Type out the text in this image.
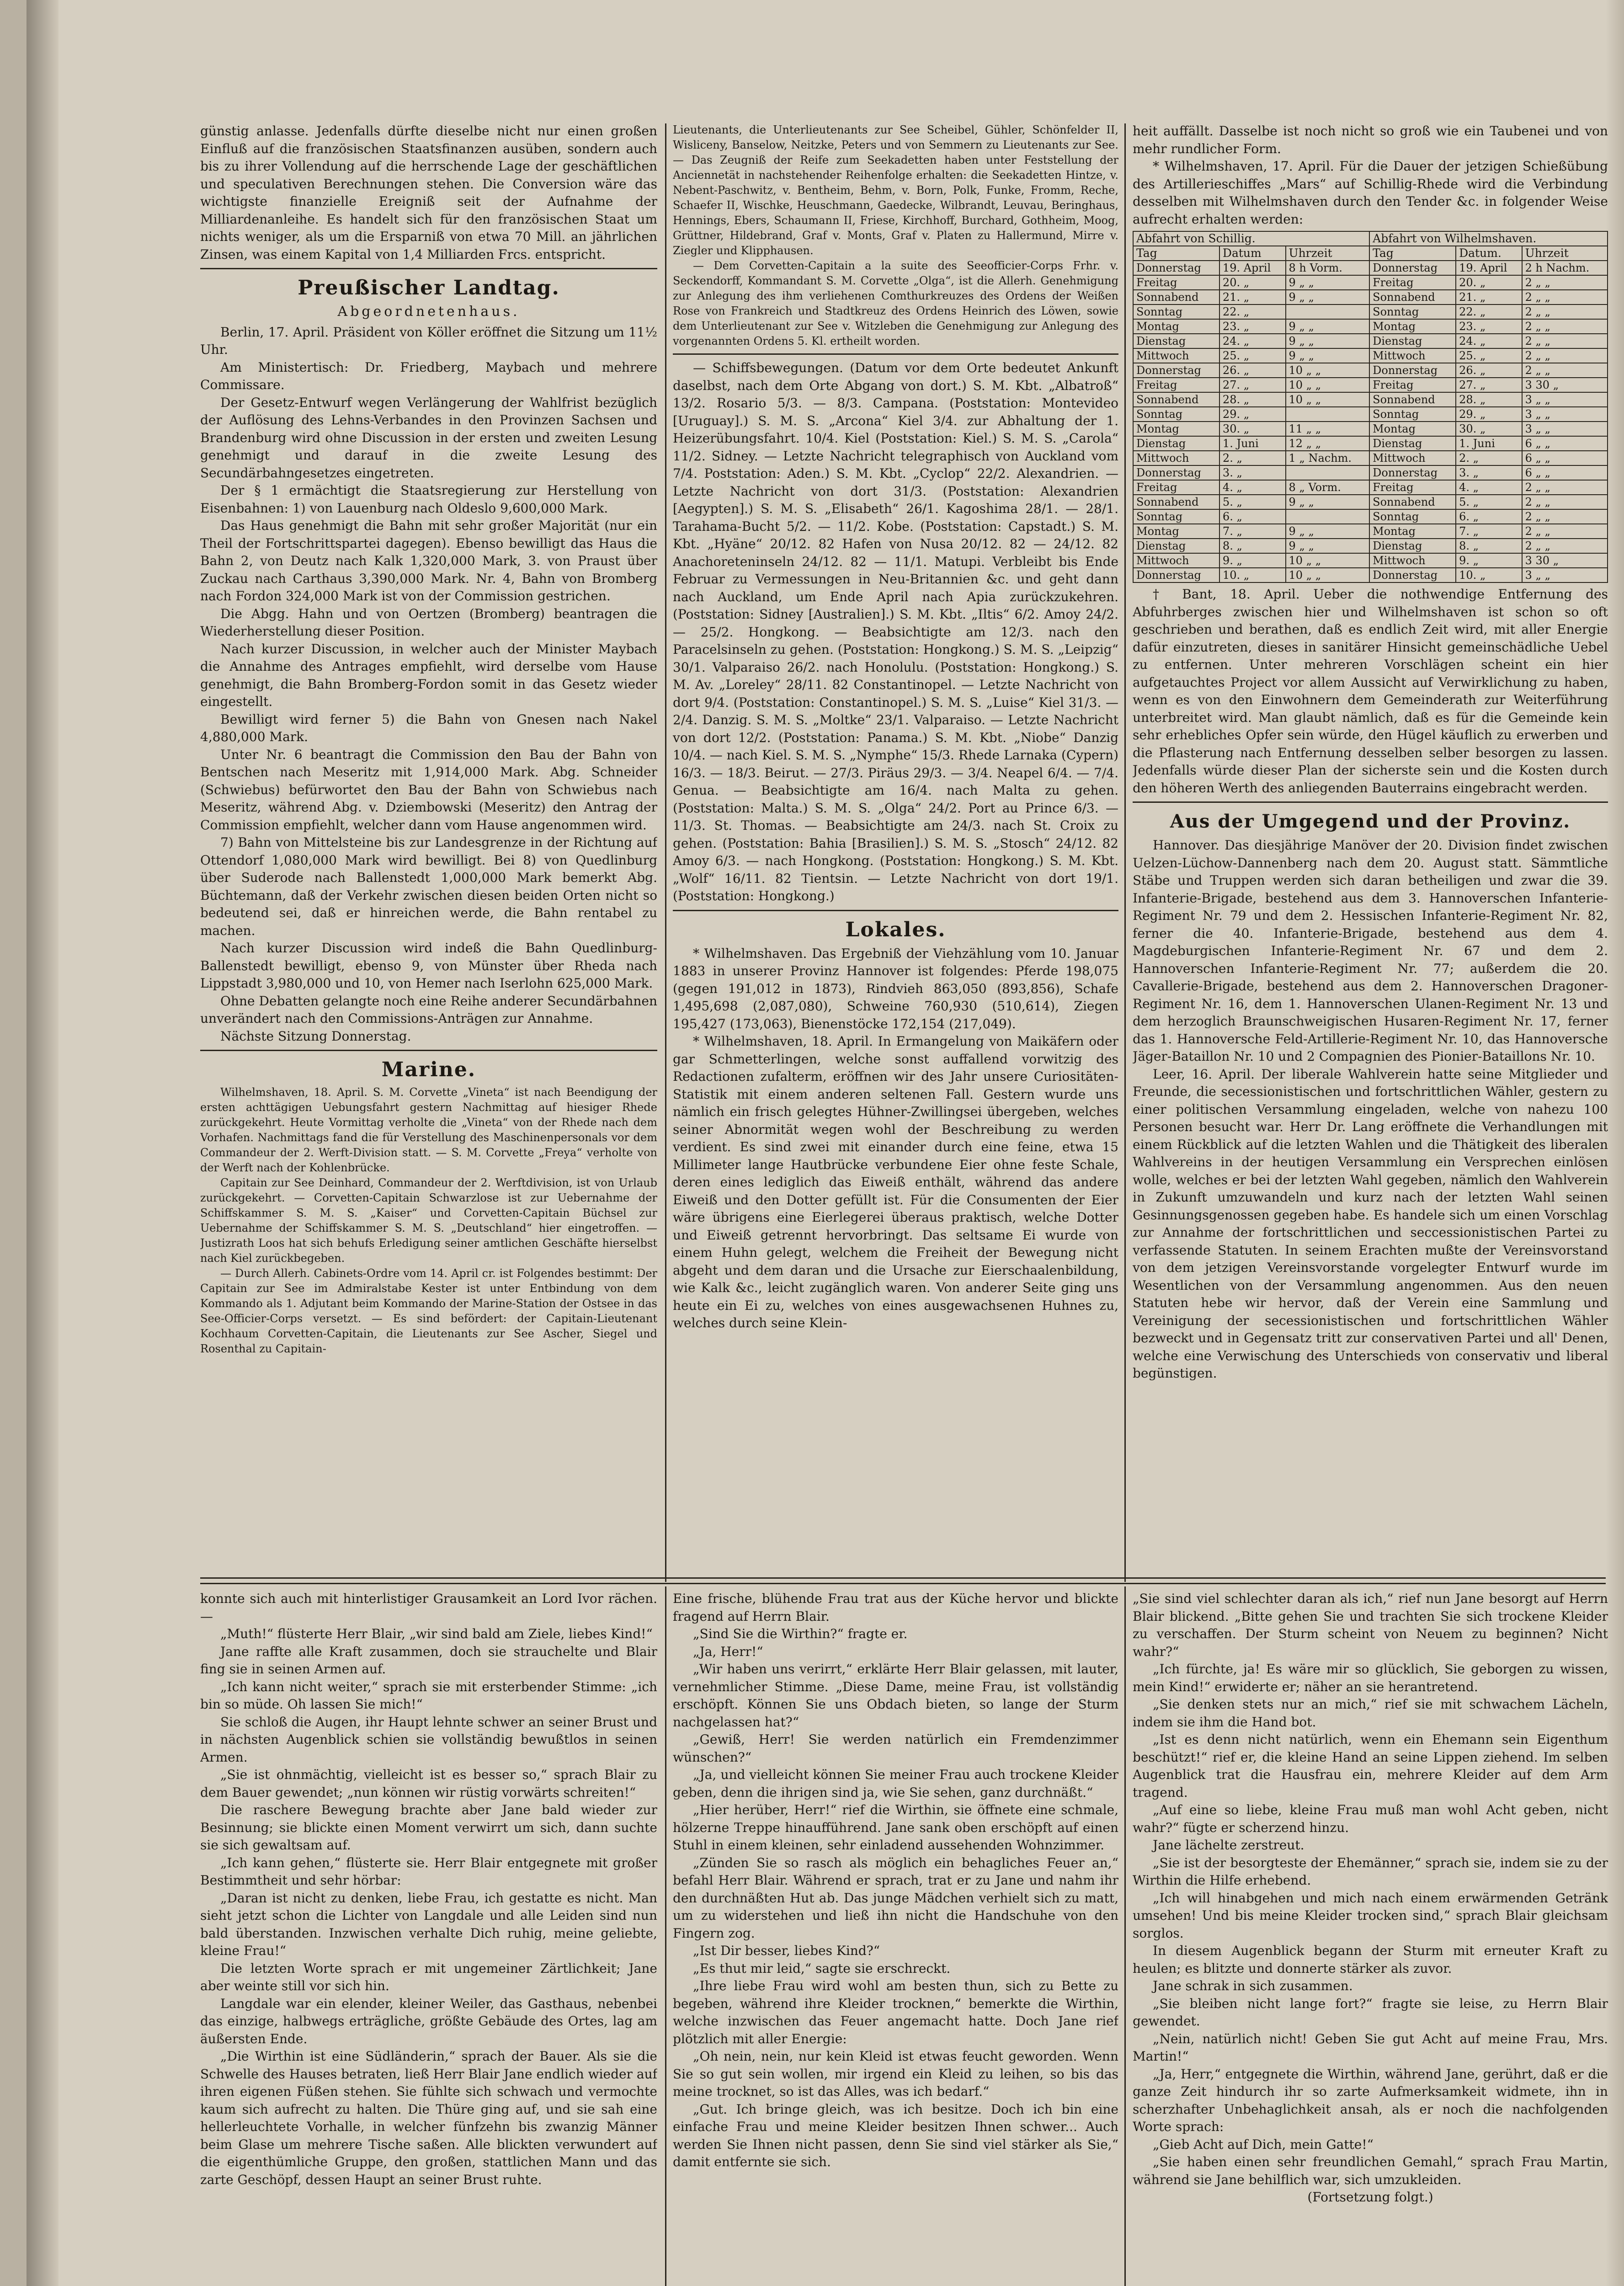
günstig anlasse. Jedenfalls dürfte dieselbe nicht nur einen großen Einfluß auf die französischen Staatsfinanzen ausüben, sondern auch bis zu ihrer Vollendung auf die herrschende Lage der geschäftlichen und speculativen Berechnungen stehen. Die Conversion wäre das wichtigste finanzielle Ereigniß seit der Aufnahme der Milliardenanleihe. Es handelt sich für den französischen Staat um nichts weniger, als um die Ersparniß von etwa 70 Mill. an jährlichen Zinsen, was einem Kapital von 1,4 Milliarden Frcs. entspricht.

Preußischer Landtag.
Abgeordnetenhaus.

Berlin, 17. April. Präsident von Köller eröffnet die Sitzung um 11½ Uhr.

Am Ministertisch: Dr. Friedberg, Maybach und mehrere Commissare.

Der Gesetz-Entwurf wegen Verlängerung der Wahlfrist bezüglich der Auflösung des Lehns-Verbandes in den Provinzen Sachsen und Brandenburg wird ohne Discussion in der ersten und zweiten Lesung genehmigt und darauf in die zweite Lesung des Secundärbahngesetzes eingetreten.

Der § 1 ermächtigt die Staatsregierung zur Herstellung von Eisenbahnen: 1) von Lauenburg nach Oldeslo 9,600,000 Mark.

Das Haus genehmigt die Bahn mit sehr großer Majorität (nur ein Theil der Fortschrittspartei dagegen). Ebenso bewilligt das Haus die Bahn 2, von Deutz nach Kalk 1,320,000 Mark, 3. von Praust über Zuckau nach Carthaus 3,390,000 Mark. Nr. 4, Bahn von Bromberg nach Fordon 324,000 Mark ist von der Commission gestrichen.

Die Abgg. Hahn und von Oertzen (Bromberg) beantragen die Wiederherstellung dieser Position.

Nach kurzer Discussion, in welcher auch der Minister Maybach die Annahme des Antrages empfiehlt, wird derselbe vom Hause genehmigt, die Bahn Bromberg-Fordon somit in das Gesetz wieder eingestellt.

Bewilligt wird ferner 5) die Bahn von Gnesen nach Nakel 4,880,000 Mark.

Unter Nr. 6 beantragt die Commission den Bau der Bahn von Bentschen nach Meseritz mit 1,914,000 Mark. Abg. Schneider (Schwiebus) befürwortet den Bau der Bahn von Schwiebus nach Meseritz, während Abg. v. Dziembowski (Meseritz) den Antrag der Commission empfiehlt, welcher dann vom Hause angenommen wird.

7) Bahn von Mittelsteine bis zur Landesgrenze in der Richtung auf Ottendorf 1,080,000 Mark wird bewilligt. Bei 8) von Quedlinburg über Suderode nach Ballenstedt 1,000,000 Mark bemerkt Abg. Büchtemann, daß der Verkehr zwischen diesen beiden Orten nicht so bedeutend sei, daß er hinreichen werde, die Bahn rentabel zu machen.

Nach kurzer Discussion wird indeß die Bahn Quedlinburg-Ballenstedt bewilligt, ebenso 9, von Münster über Rheda nach Lippstadt 3,980,000 und 10, von Hemer nach Iserlohn 625,000 Mark.

Ohne Debatten gelangte noch eine Reihe anderer Secundärbahnen unverändert nach den Commissions-Anträgen zur Annahme.

Nächste Sitzung Donnerstag.

Marine.

Wilhelmshaven, 18. April. S. M. Corvette „Vineta“ ist nach Beendigung der ersten achttägigen Uebungsfahrt gestern Nachmittag auf hiesiger Rhede zurückgekehrt. Heute Vormittag verholte die „Vineta“ von der Rhede nach dem Vorhafen. Nachmittags fand die für Verstellung des Maschinenpersonals vor dem Commandeur der 2. Werft-Division statt. — S. M. Corvette „Freya“ verholte von der Werft nach der Kohlenbrücke.

Capitain zur See Deinhard, Commandeur der 2. Werftdivision, ist von Urlaub zurückgekehrt. — Corvetten-Capitain Schwarzlose ist zur Uebernahme der Schiffskammer S. M. S. „Kaiser“ und Corvetten-Capitain Büchsel zur Uebernahme der Schiffskammer S. M. S. „Deutschland“ hier eingetroffen. — Justizrath Loos hat sich behufs Erledigung seiner amtlichen Geschäfte hierselbst nach Kiel zurückbegeben.

— Durch Allerh. Cabinets-Ordre vom 14. April cr. ist Folgendes bestimmt: Der Capitain zur See im Admiralstabe Kester ist unter Entbindung von dem Kommando als 1. Adjutant beim Kommando der Marine-Station der Ostsee in das See-Officier-Corps versetzt. — Es sind befördert: der Capitain-Lieutenant Kochhaum Corvetten-Capitain, die Lieutenants zur See Ascher, Siegel und Rosenthal zu Capitain-

Lieutenants, die Unterlieutenants zur See Scheibel, Gühler, Schönfelder II, Wisliceny, Banselow, Neitzke, Peters und von Semmern zu Lieutenants zur See. — Das Zeugniß der Reife zum Seekadetten haben unter Feststellung der Anciennetät in nachstehender Reihenfolge erhalten: die Seekadetten Hintze, v. Nebent-Paschwitz, v. Bentheim, Behm, v. Born, Polk, Funke, Fromm, Reche, Schaefer II, Wischke, Heuschmann, Gaedecke, Wilbrandt, Leuvau, Beringhaus, Hennings, Ebers, Schaumann II, Friese, Kirchhoff, Burchard, Gothheim, Moog, Grüttner, Hildebrand, Graf v. Monts, Graf v. Platen zu Hallermund, Mirre v. Ziegler und Klipphausen.

— Dem Corvetten-Capitain a la suite des Seeofficier-Corps Frhr. v. Seckendorff, Kommandant S. M. Corvette „Olga“, ist die Allerh. Genehmigung zur Anlegung des ihm verliehenen Comthurkreuzes des Ordens der Weißen Rose von Frankreich und Stadtkreuz des Ordens Heinrich des Löwen, sowie dem Unterlieutenant zur See v. Witzleben die Genehmigung zur Anlegung des vorgenannten Ordens 5. Kl. ertheilt worden.

— Schiffsbewegungen. (Datum vor dem Orte bedeutet Ankunft daselbst, nach dem Orte Abgang von dort.) S. M. Kbt. „Albatroß“ 13/2. Rosario 5/3. — 8/3. Campana. (Poststation: Montevideo [Uruguay].) S. M. S. „Arcona“ Kiel 3/4. zur Abhaltung der 1. Heizerübungsfahrt. 10/4. Kiel (Poststation: Kiel.) S. M. S. „Carola“ 11/2. Sidney. — Letzte Nachricht telegraphisch von Auckland vom 7/4. Poststation: Aden.) S. M. Kbt. „Cyclop“ 22/2. Alexandrien. — Letzte Nachricht von dort 31/3. (Poststation: Alexandrien [Aegypten].) S. M. S. „Elisabeth“ 26/1. Kagoshima 28/1. — 28/1. Tarahama-Bucht 5/2. — 11/2. Kobe. (Poststation: Capstadt.) S. M. Kbt. „Hyäne“ 20/12. 82 Hafen von Nusa 20/12. 82 — 24/12. 82 Anachoreteninseln 24/12. 82 — 11/1. Matupi. Verbleibt bis Ende Februar zu Vermessungen in Neu-Britannien &c. und geht dann nach Auckland, um Ende April nach Apia zurückzukehren. (Poststation: Sidney [Australien].) S. M. Kbt. „Iltis“ 6/2. Amoy 24/2. — 25/2. Hongkong. — Beabsichtigte am 12/3. nach den Paracelsinseln zu gehen. (Poststation: Hongkong.) S. M. S. „Leipzig“ 30/1. Valparaiso 26/2. nach Honolulu. (Poststation: Hongkong.) S. M. Av. „Loreley“ 28/11. 82 Constantinopel. — Letzte Nachricht von dort 9/4. (Poststation: Constantinopel.) S. M. S. „Luise“ Kiel 31/3. — 2/4. Danzig. S. M. S. „Moltke“ 23/1. Valparaiso. — Letzte Nachricht von dort 12/2. (Poststation: Panama.) S. M. Kbt. „Niobe“ Danzig 10/4. — nach Kiel. S. M. S. „Nymphe“ 15/3. Rhede Larnaka (Cypern) 16/3. — 18/3. Beirut. — 27/3. Piräus 29/3. — 3/4. Neapel 6/4. — 7/4. Genua. — Beabsichtigte am 16/4. nach Malta zu gehen. (Poststation: Malta.) S. M. S. „Olga“ 24/2. Port au Prince 6/3. — 11/3. St. Thomas. — Beabsichtigte am 24/3. nach St. Croix zu gehen. (Poststation: Bahia [Brasilien].) S. M. S. „Stosch“ 24/12. 82 Amoy 6/3. — nach Hongkong. (Poststation: Hongkong.) S. M. Kbt. „Wolf“ 16/11. 82 Tientsin. — Letzte Nachricht von dort 19/1. (Poststation: Hongkong.)

Lokales.

* Wilhelmshaven. Das Ergebniß der Viehzählung vom 10. Januar 1883 in unserer Provinz Hannover ist folgendes: Pferde 198,075 (gegen 191,012 in 1873), Rindvieh 863,050 (893,856), Schafe 1,495,698 (2,087,080), Schweine 760,930 (510,614), Ziegen 195,427 (173,063), Bienenstöcke 172,154 (217,049).

* Wilhelmshaven, 18. April. In Ermangelung von Maikäfern oder gar Schmetterlingen, welche sonst auffallend vorwitzig des Redactionen zufalterm, eröffnen wir des Jahr unsere Curiositäten-Statistik mit einem anderen seltenen Fall. Gestern wurde uns nämlich ein frisch gelegtes Hühner-Zwillingsei übergeben, welches seiner Abnormität wegen wohl der Beschreibung zu werden verdient. Es sind zwei mit einander durch eine feine, etwa 15 Millimeter lange Hautbrücke verbundene Eier ohne feste Schale, deren eines lediglich das Eiweiß enthält, während das andere Eiweiß und den Dotter gefüllt ist. Für die Consumenten der Eier wäre übrigens eine Eierlegerei überaus praktisch, welche Dotter und Eiweiß getrennt hervorbringt. Das seltsame Ei wurde von einem Huhn gelegt, welchem die Freiheit der Bewegung nicht abgeht und dem daran und die Ursache zur Eierschaalenbildung, wie Kalk &c., leicht zugänglich waren. Von anderer Seite ging uns heute ein Ei zu, welches von eines ausgewachsenen Huhnes zu, welches durch seine Klein-

heit auffällt. Dasselbe ist noch nicht so groß wie ein Taubenei und von mehr rundlicher Form.

* Wilhelmshaven, 17. April. Für die Dauer der jetzigen Schießübung des Artillerieschiffes „Mars“ auf Schillig-Rhede wird die Verbindung desselben mit Wilhelmshaven durch den Tender &c. in folgender Weise aufrecht erhalten werden:

Abfahrt von Schillig.			Abfahrt von Wilhelmshaven.		
Tag	Datum	Uhrzeit	Tag	Datum.	Uhrzeit
Donnerstag	19. April	8 h Vorm.	Donnerstag	19. April	2 h Nachm.
Freitag	20. „	9 „ „	Freitag	20. „	2 „ „
Sonnabend	21. „	9 „ „	Sonnabend	21. „	2 „ „
Sonntag	22. „		Sonntag	22. „	2 „ „
Montag	23. „	9 „ „	Montag	23. „	2 „ „
Dienstag	24. „	9 „ „	Dienstag	24. „	2 „ „
Mittwoch	25. „	9 „ „	Mittwoch	25. „	2 „ „
Donnerstag	26. „	10 „ „	Donnerstag	26. „	2 „ „
Freitag	27. „	10 „ „	Freitag	27. „	3 30 „
Sonnabend	28. „	10 „ „	Sonnabend	28. „	3 „ „
Sonntag	29. „		Sonntag	29. „	3 „ „
Montag	30. „	11 „ „	Montag	30. „	3 „ „
Dienstag	1. Juni	12 „ „	Dienstag	1. Juni	6 „ „
Mittwoch	2. „	1 „ Nachm.	Mittwoch	2. „	6 „ „
Donnerstag	3. „		Donnerstag	3. „	6 „ „
Freitag	4. „	8 „ Vorm.	Freitag	4. „	2 „ „
Sonnabend	5. „	9 „ „	Sonnabend	5. „	2 „ „
Sonntag	6. „		Sonntag	6. „	2 „ „
Montag	7. „	9 „ „	Montag	7. „	2 „ „
Dienstag	8. „	9 „ „	Dienstag	8. „	2 „ „
Mittwoch	9. „	10 „ „	Mittwoch	9. „	3 30 „
Donnerstag	10. „	10 „ „	Donnerstag	10. „	3 „ „

† Bant, 18. April. Ueber die nothwendige Entfernung des Abfuhrberges zwischen hier und Wilhelmshaven ist schon so oft geschrieben und berathen, daß es endlich Zeit wird, mit aller Energie dafür einzutreten, dieses in sanitärer Hinsicht gemeinschädliche Uebel zu entfernen. Unter mehreren Vorschlägen scheint ein hier aufgetauchtes Project vor allem Aussicht auf Verwirklichung zu haben, wenn es von den Einwohnern dem Gemeinderath zur Weiterführung unterbreitet wird. Man glaubt nämlich, daß es für die Gemeinde kein sehr erhebliches Opfer sein würde, den Hügel käuflich zu erwerben und die Pflasterung nach Entfernung desselben selber besorgen zu lassen. Jedenfalls würde dieser Plan der sicherste sein und die Kosten durch den höheren Werth des anliegenden Bauterrains eingebracht werden.

Aus der Umgegend und der Provinz.

Hannover. Das diesjährige Manöver der 20. Division findet zwischen Uelzen-Lüchow-Dannenberg nach dem 20. August statt. Sämmtliche Stäbe und Truppen werden sich daran betheiligen und zwar die 39. Infanterie-Brigade, bestehend aus dem 3. Hannoverschen Infanterie-Regiment Nr. 79 und dem 2. Hessischen Infanterie-Regiment Nr. 82, ferner die 40. Infanterie-Brigade, bestehend aus dem 4. Magdeburgischen Infanterie-Regiment Nr. 67 und dem 2. Hannoverschen Infanterie-Regiment Nr. 77; außerdem die 20. Cavallerie-Brigade, bestehend aus dem 2. Hannoverschen Dragoner-Regiment Nr. 16, dem 1. Hannoverschen Ulanen-Regiment Nr. 13 und dem herzoglich Braunschweigischen Husaren-Regiment Nr. 17, ferner das 1. Hannoversche Feld-Artillerie-Regiment Nr. 10, das Hannoversche Jäger-Bataillon Nr. 10 und 2 Compagnien des Pionier-Bataillons Nr. 10.

Leer, 16. April. Der liberale Wahlverein hatte seine Mitglieder und Freunde, die secessionistischen und fortschrittlichen Wähler, gestern zu einer politischen Versammlung eingeladen, welche von nahezu 100 Personen besucht war. Herr Dr. Lang eröffnete die Verhandlungen mit einem Rückblick auf die letzten Wahlen und die Thätigkeit des liberalen Wahlvereins in der heutigen Versammlung ein Versprechen einlösen wolle, welches er bei der letzten Wahl gegeben, nämlich den Wahlverein in Zukunft umzuwandeln und kurz nach der letzten Wahl seinen Gesinnungsgenossen gegeben habe. Es handele sich um einen Vorschlag zur Annahme der fortschrittlichen und seccessionistischen Partei zu verfassende Statuten. In seinem Erachten mußte der Vereinsvorstand von dem jetzigen Vereinsvorstande vorgelegter Entwurf wurde im Wesentlichen von der Versammlung angenommen. Aus den neuen Statuten hebe wir hervor, daß der Verein eine Sammlung und Vereinigung der secessionistischen und fortschrittlichen Wähler bezweckt und in Gegensatz tritt zur conservativen Partei und all' Denen, welche eine Verwischung des Unterschieds von conservativ und liberal begünstigen.

konnte sich auch mit hinterlistiger Grausamkeit an Lord Ivor rächen. —

„Muth!“ flüsterte Herr Blair, „wir sind bald am Ziele, liebes Kind!“

Jane raffte alle Kraft zusammen, doch sie strauchelte und Blair fing sie in seinen Armen auf.

„Ich kann nicht weiter,“ sprach sie mit ersterbender Stimme: „ich bin so müde. Oh lassen Sie mich!“

Sie schloß die Augen, ihr Haupt lehnte schwer an seiner Brust und in nächsten Augenblick schien sie vollständig bewußtlos in seinen Armen.

„Sie ist ohnmächtig, vielleicht ist es besser so,“ sprach Blair zu dem Bauer gewendet; „nun können wir rüstig vorwärts schreiten!“

Die raschere Bewegung brachte aber Jane bald wieder zur Besinnung; sie blickte einen Moment verwirrt um sich, dann suchte sie sich gewaltsam auf.

„Ich kann gehen,“ flüsterte sie. Herr Blair entgegnete mit großer Bestimmtheit und sehr hörbar:

„Daran ist nicht zu denken, liebe Frau, ich gestatte es nicht. Man sieht jetzt schon die Lichter von Langdale und alle Leiden sind nun bald überstanden. Inzwischen verhalte Dich ruhig, meine geliebte, kleine Frau!“

Die letzten Worte sprach er mit ungemeiner Zärtlichkeit; Jane aber weinte still vor sich hin.

Langdale war ein elender, kleiner Weiler, das Gasthaus, nebenbei das einzige, halbwegs erträgliche, größte Gebäude des Ortes, lag am äußersten Ende.

„Die Wirthin ist eine Südländerin,“ sprach der Bauer. Als sie die Schwelle des Hauses betraten, ließ Herr Blair Jane endlich wieder auf ihren eigenen Füßen stehen. Sie fühlte sich schwach und vermochte kaum sich aufrecht zu halten. Die Thüre ging auf, und sie sah eine hellerleuchtete Vorhalle, in welcher fünfzehn bis zwanzig Männer beim Glase um mehrere Tische saßen. Alle blickten verwundert auf die eigenthümliche Gruppe, den großen, stattlichen Mann und das zarte Geschöpf, dessen Haupt an seiner Brust ruhte.

Eine frische, blühende Frau trat aus der Küche hervor und blickte fragend auf Herrn Blair.

„Sind Sie die Wirthin?“ fragte er.

„Ja, Herr!“

„Wir haben uns verirrt,“ erklärte Herr Blair gelassen, mit lauter, vernehmlicher Stimme. „Diese Dame, meine Frau, ist vollständig erschöpft. Können Sie uns Obdach bieten, so lange der Sturm nachgelassen hat?“

„Gewiß, Herr! Sie werden natürlich ein Fremdenzimmer wünschen?“

„Ja, und vielleicht können Sie meiner Frau auch trockene Kleider geben, denn die ihrigen sind ja, wie Sie sehen, ganz durchnäßt.“

„Hier herüber, Herr!“ rief die Wirthin, sie öffnete eine schmale, hölzerne Treppe hinaufführend. Jane sank oben erschöpft auf einen Stuhl in einem kleinen, sehr einladend aussehenden Wohnzimmer.

„Zünden Sie so rasch als möglich ein behagliches Feuer an,“ befahl Herr Blair. Während er sprach, trat er zu Jane und nahm ihr den durchnäßten Hut ab. Das junge Mädchen verhielt sich zu matt, um zu widerstehen und ließ ihn nicht die Handschuhe von den Fingern zog.

„Ist Dir besser, liebes Kind?“

„Es thut mir leid,“ sagte sie erschreckt.

„Ihre liebe Frau wird wohl am besten thun, sich zu Bette zu begeben, während ihre Kleider trocknen,“ bemerkte die Wirthin, welche inzwischen das Feuer angemacht hatte. Doch Jane rief plötzlich mit aller Energie:

„Oh nein, nein, nur kein Kleid ist etwas feucht geworden. Wenn Sie so gut sein wollen, mir irgend ein Kleid zu leihen, so bis das meine trocknet, so ist das Alles, was ich bedarf.“

„Gut. Ich bringe gleich, was ich besitze. Doch ich bin eine einfache Frau und meine Kleider besitzen Ihnen schwer... Auch werden Sie Ihnen nicht passen, denn Sie sind viel stärker als Sie,“ damit entfernte sie sich.

„Sie sind viel schlechter daran als ich,“ rief nun Jane besorgt auf Herrn Blair blickend. „Bitte gehen Sie und trachten Sie sich trockene Kleider zu verschaffen. Der Sturm scheint von Neuem zu beginnen? Nicht wahr?“

„Ich fürchte, ja! Es wäre mir so glücklich, Sie geborgen zu wissen, mein Kind!“ erwiderte er; näher an sie herantretend.

„Sie denken stets nur an mich,“ rief sie mit schwachem Lächeln, indem sie ihm die Hand bot.

„Ist es denn nicht natürlich, wenn ein Ehemann sein Eigenthum beschützt!“ rief er, die kleine Hand an seine Lippen ziehend. Im selben Augenblick trat die Hausfrau ein, mehrere Kleider auf dem Arm tragend.

„Auf eine so liebe, kleine Frau muß man wohl Acht geben, nicht wahr?“ fügte er scherzend hinzu.

Jane lächelte zerstreut.

„Sie ist der besorgteste der Ehemänner,“ sprach sie, indem sie zu der Wirthin die Hilfe erhebend.

„Ich will hinabgehen und mich nach einem erwärmenden Getränk umsehen! Und bis meine Kleider trocken sind,“ sprach Blair gleichsam sorglos.

In diesem Augenblick begann der Sturm mit erneuter Kraft zu heulen; es blitzte und donnerte stärker als zuvor.

Jane schrak in sich zusammen.

„Sie bleiben nicht lange fort?“ fragte sie leise, zu Herrn Blair gewendet.

„Nein, natürlich nicht! Geben Sie gut Acht auf meine Frau, Mrs. Martin!“

„Ja, Herr,“ entgegnete die Wirthin, während Jane, gerührt, daß er die ganze Zeit hindurch ihr so zarte Aufmerksamkeit widmete, ihn in scherzhafter Unbehaglichkeit ansah, als er noch die nachfolgenden Worte sprach:

„Gieb Acht auf Dich, mein Gatte!“

„Sie haben einen sehr freundlichen Gemahl,“ sprach Frau Martin, während sie Jane behilflich war, sich umzukleiden.

(Fortsetzung folgt.)
